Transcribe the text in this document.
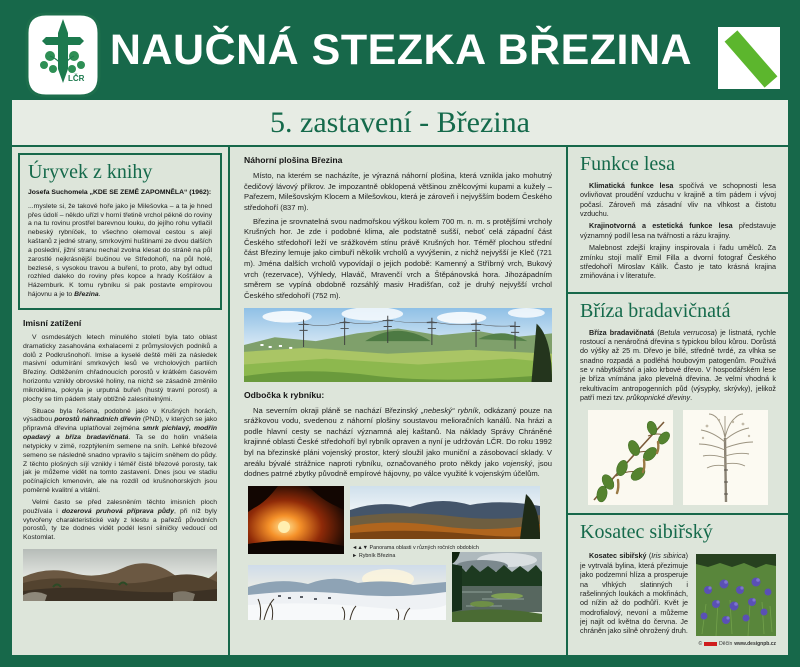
LČR
NAUČNÁ STEZKA BŘEZINA
5. zastavení - Březina
Úryvek z knihy
Josefa Suchomela „KDE SE ZEMĚ ZAPOMNĚLA“ (1962):

...myslete si, že takové hoře jako je Milešovka – a ta je hned přes údolí – někdo uřízl v horní třetině vrchol pěkně do roviny a na tu rovinu prostřel barevnou louku, do jejího rohu vytlačil nebeský rybníček, to všechno olemoval cestou s alejí kaštanů z jedné strany, smrkovými huštinami ze dvou dalších a poslední, jižní stranu nechal zvolna klesat do stráně na půl zarostlé nejkrásnější bučinou ve Středohoří, na půl holé, bezlesé, s vysokou travou a buření, to proto, aby byl odtud rozhled daleko do roviny přes kopce a hrady Košťálov a Házemburk. K tomu rybníku si pak postavte empírovou hájovnu a je to Březina.

Imisní zatížení

V osmdesátých letech minulého století byla tato oblast dramaticky zasahována exhalacemi z průmyslových podniků a dolů z Podkrušnohoří. Imise a kyselé deště měli za následek masivní odumírání smrkových lesů ve vrcholových partiích Březiny. Odtěžením chřadnoucích porostů v krátkém časovém horizontu vznikly obrovské holiny, na nichž se zásadně změnilo mikroklima, pokryla je urputná buřeň (hustý travní porost) a plochy se tím pádem staly obtížně zalesnitelnými.

Situace byla řešena, podobně jako v Krušných horách, výsadbou porostů náhradních dřevin (PND), v kterých se jako připravná dřevina uplatňoval zejména smrk pichlavý, modřín opadavý a bříza bradavičnatá. Ta se do holin vnášela netypicky v zimě, rozptýlením semene na sníh. Lehké březové semeno se následně snadno vpravilo s tajícím sněhem do půdy. Z těchto plošných síjí vznikly i téměř čisté březové porosty, tak jak je můžeme vidět na tomto zastavení. Dnes jsou ve stadiu počínajících kmenovin, ale na rozdíl od krušnohorských jsou poměrně kvalitní a vitální.

Velmi často se před zalesněním těchto imisních ploch používala i dozerová pruhová příprava půdy, při níž byly vytvořeny charakteristické valy z klestu a pařezů původních porostů, ty lze dodnes vidět podél lesní silničky vedoucí od Kostomlat.

Náhorní plošina Březina

Místo, na kterém se nacházíte, je výrazná náhorní plošina, která vznikla jako mohutný čedičový lávový příkrov. Je impozantně obklopená většinou znělcovými kupami a kužely – Pařezem, Milešovským Klocem a Milešovkou, která je zároveň i nejvyšším bodem Českého středohoří (837 m).

Březina je srovnatelná svou nadmořskou výškou kolem 700 m. n. m. s protějšími vrcholy Krušných hor. Je zde i podobné klima, ale podstatně sušší, neboť celá západní část Českého středohoří leží ve srážkovém stínu právě Krušných hor. Téměř plochou střední část Březiny lemuje jako cimbuří několik vrcholů a vyvýšenin, z nichž nejvyšší je Kleč (721 m). Jména dalších vrcholů vypovídají o jejich podobě: Kamenný a Stříbrný vrch, Bukový vrch (rezervace), Výhledy, Hlaváč, Mravenčí vrch a Štěpánovská hora. Jihozápadním směrem se vypíná obdobně rozsáhlý masiv Hradišťan, což je druhý nejvyšší vrchol Českého středohoří (752 m).

Odbočka k rybníku:

Na severním okraji pláně se nachází Březinský „nebeský“ rybník, odkázaný pouze na srážkovou vodu, svedenou z náhorní plošiny soustavou melioračních kanálů. Na hrázi a podle hlavní cesty se nachází významná alej kaštanů. Na náklady Správy Chráněné krajinné oblasti České středohoří byl rybník opraven a nyní je udržován LČR. Do roku 1992 byl na březinské pláni vojenský prostor, který sloužil jako muniční a zásobovací sklady. V areálu bývalé strážnice naproti rybníku, označovaného proto někdy jako vojenský, jsou dodnes patrné zbytky původně empírové hájovny, po válce využité k vojenským účelům.

◄▲▼ Panorama oblasti v různých ročních obdobích
► Rybník Březina
Funkce lesa

Klimatická funkce lesa spočívá ve schopnosti lesa ovlivňovat proudění vzduchu v krajině a tím pádem i vývoj počasí. Zároveň má zásadní vliv na vlhkost a čistotu vzduchu.

Krajinotvorná a estetická funkce lesa představuje významný podíl lesa na tvářnosti a rázu krajiny.

Malebnost zdejší krajiny inspirovala i řadu umělců. Za zmínku stojí malíř Emil Filla a dvorní fotograf Českého středohoří Miroslav Kálík. Často je tato krásná krajina zmiňována i v literatuře.

Bříza bradavičnatá

Bříza bradavičnatá (Betula verrucosa) je listnatá, rychle rostoucí a nenáročná dřevina s typickou bílou kůrou. Dorůstá do výšky až 25 m. Dřevo je bílé, středně tvrdé, za vlhka se snadno rozpadá a podléhá houbovým patogenům. Používá se v nábytkářství a jako krbové dřevo. V hospodářském lese je bříza vnímána jako plevelná dřevina. Je velmi vhodná k rekultivacím antropogenních půd (výsypky, skrývky), jelikož patří mezi tzv. průkopnické dřeviny.

Kosatec sibiřský

Kosatec sibiřský (Iris sibirica) je vytrvalá bylina, která přezimuje jako podzemní hlíza a prosperuje na vlhkých slatinných i rašelinných loukách a mokřinách, od nížin až do podhůří. Květ je modrofialový, nevoní a můžeme jej najít od května do června. Je chráněn jako silně ohrožený druh.

©	Děčín www.designpb.cz
